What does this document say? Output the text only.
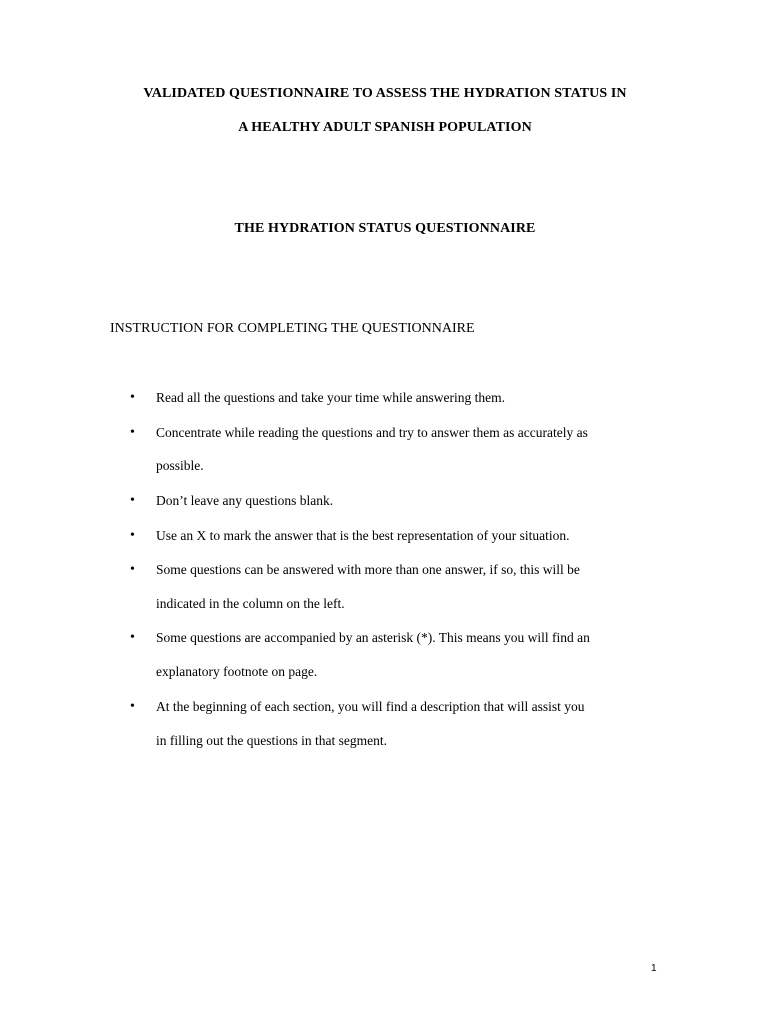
VALIDATED QUESTIONNAIRE TO ASSESS THE HYDRATION STATUS IN
A HEALTHY ADULT SPANISH POPULATION
THE HYDRATION STATUS QUESTIONNAIRE
INSTRUCTION FOR COMPLETING THE QUESTIONNAIRE
• Read all the questions and take your time while answering them.
• Concentrate while reading the questions and try to answer them as accurately as
possible.
• Don’t leave any questions blank.
• Use an X to mark the answer that is the best representation of your situation.
• Some questions can be answered with more than one answer, if so, this will be
indicated in the column on the left.
• Some questions are accompanied by an asterisk (*). This means you will find an
explanatory footnote on page.
• At the beginning of each section, you will find a description that will assist you
in filling out the questions in that segment.
1
